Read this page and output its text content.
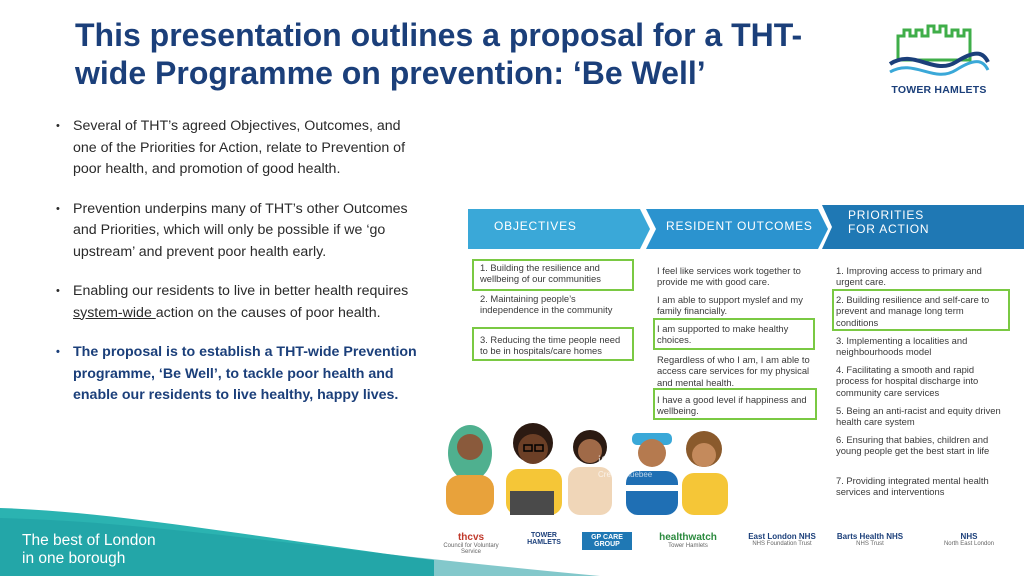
This presentation outlines a proposal for a THT-wide Programme on prevention: ‘Be Well’	TOWER HAMLETS
• Several of THT’s agreed Objectives, Outcomes, and one of the Priorities for Action, relate to Prevention of poor health, and promotion of good health.
• Prevention underpins many of THT’s other Outcomes and Priorities, which will only be possible if we ‘go upstream’ and prevent poor health early.
• Enabling our residents to live in better health requires system-wide action on the causes of poor health.
• The proposal is to establish a THT-wide Prevention programme, ‘Be Well’, to tackle poor health and enable our residents to live healthy, happy lives.
OBJECTIVES	RESIDENT OUTCOMES
PRIORITIES
FOR ACTION
1. Building the resilience and wellbeing of our communities
2. Maintaining people’s independence in the community
3. Reducing the time people need to be in hospitals/care homes
I feel like services work together to provide me with good care.
I am able to support myslef and my family financially.
I am supported to make healthy choices.
Regardless of who I am, I am able to access care services for my physical and mental health.
I have a good level if happiness and wellbeing.
1. Improving access to primary and urgent care.
2. Building resilience and self-care to prevent and manage long term conditions
3. Implementing a localities and neighbourhoods model
4. Facilitating a smooth and rapid process for hospital discharge into community care services
5. Being an anti-racist and equity driven health care system
6. Ensuring that babies, children and young people get the best start in life
7. Providing integrated mental health services and interventions
iStock
Credit: bluebee
The best of London
in one borough
thcvs
Council for Voluntary Service
TOWER HAMLETS
GP CARE GROUP
healthwatch
Tower Hamlets
East London NHS
NHS Foundation Trust
Barts Health NHS
NHS Trust
NHS
North East London
